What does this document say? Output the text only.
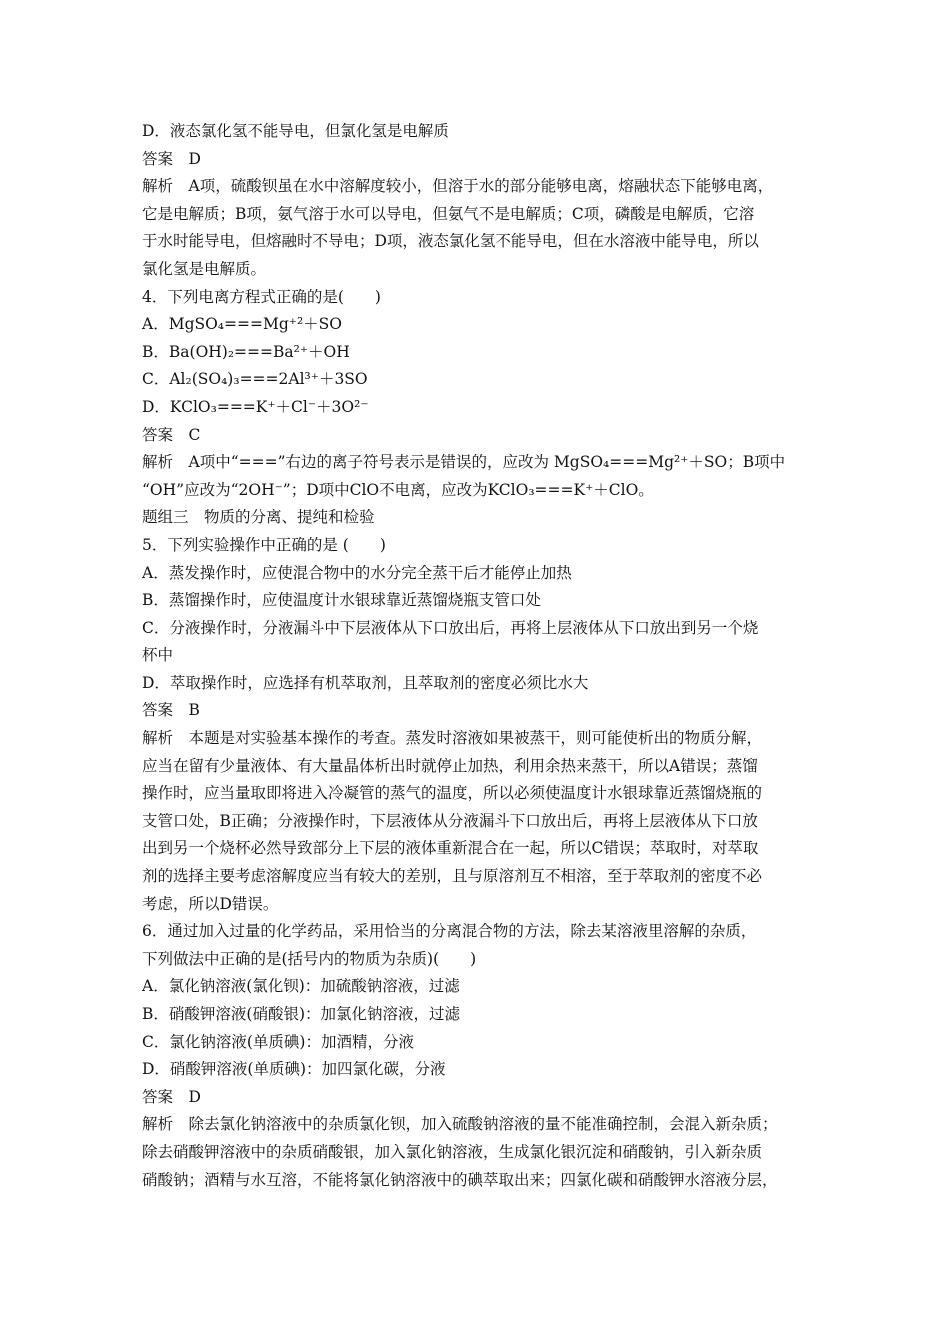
D．液态氯化氢不能导电，但氯化氢是电解质
答案　D
解析　A项，硫酸钡虽在水中溶解度较小，但溶于水的部分能够电离，熔融状态下能够电离，
它是电解质；B项，氨气溶于水可以导电，但氨气不是电解质；C项，磷酸是电解质，它溶
于水时能导电，但熔融时不导电；D项，液态氯化氢不能导电，但在水溶液中能导电，所以
氯化氢是电解质。
4．下列电离方程式正确的是(　　)
A．MgSO₄===Mg⁺²＋SO
B．Ba(OH)₂===Ba²⁺＋OH
C．Al₂(SO₄)₃===2Al³⁺＋3SO
D．KClO₃===K⁺＋Cl⁻＋3O²⁻
答案　C
解析　A项中“===”右边的离子符号表示是错误的，应改为 MgSO₄===Mg²⁺＋SO；B项中
“OH”应改为“2OH⁻”；D项中ClO不电离，应改为KClO₃===K⁺＋ClO。
题组三　物质的分离、提纯和检验
5．下列实验操作中正确的是 (　　)
A．蒸发操作时，应使混合物中的水分完全蒸干后才能停止加热
B．蒸馏操作时，应使温度计水银球靠近蒸馏烧瓶支管口处
C．分液操作时，分液漏斗中下层液体从下口放出后，再将上层液体从下口放出到另一个烧
杯中
D．萃取操作时，应选择有机萃取剂，且萃取剂的密度必须比水大
答案　B
解析　本题是对实验基本操作的考查。蒸发时溶液如果被蒸干，则可能使析出的物质分解，
应当在留有少量液体、有大量晶体析出时就停止加热，利用余热来蒸干，所以A错误；蒸馏
操作时，应当量取即将进入冷凝管的蒸气的温度，所以必须使温度计水银球靠近蒸馏烧瓶的
支管口处，B正确；分液操作时，下层液体从分液漏斗下口放出后，再将上层液体从下口放
出到另一个烧杯必然导致部分上下层的液体重新混合在一起，所以C错误；萃取时，对萃取
剂的选择主要考虑溶解度应当有较大的差别，且与原溶剂互不相溶，至于萃取剂的密度不必
考虑，所以D错误。
6．通过加入过量的化学药品，采用恰当的分离混合物的方法，除去某溶液里溶解的杂质，
下列做法中正确的是(括号内的物质为杂质)(　　)
A．氯化钠溶液(氯化钡)：加硫酸钠溶液，过滤
B．硝酸钾溶液(硝酸银)：加氯化钠溶液，过滤
C．氯化钠溶液(单质碘)：加酒精，分液
D．硝酸钾溶液(单质碘)：加四氯化碳，分液
答案　D
解析　除去氯化钠溶液中的杂质氯化钡，加入硫酸钠溶液的量不能准确控制，会混入新杂质；
除去硝酸钾溶液中的杂质硝酸银，加入氯化钠溶液，生成氯化银沉淀和硝酸钠，引入新杂质
硝酸钠；酒精与水互溶，不能将氯化钠溶液中的碘萃取出来；四氯化碳和硝酸钾水溶液分层，
